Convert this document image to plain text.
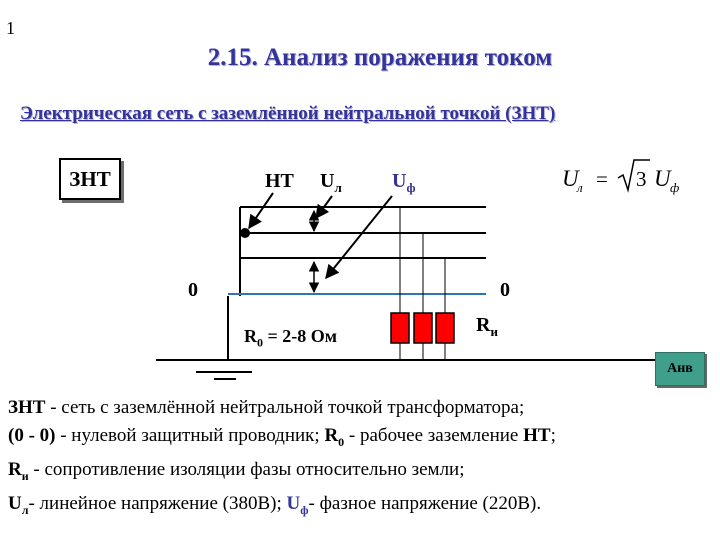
1
2.15. Анализ поражения током
Электрическая сеть с заземлённой нейтральной точкой (ЗНТ)
ЗНТ	НТ $U_л$	$U_ф$
0	0
$R_0 = 2-8$ Ом	$R_и$
U
л = 3 U ф
Анв
ЗНТ - сеть с заземлённой нейтральной точкой трансформатора;
(0 - 0) - нулевой защитный проводник; $R_0$ - рабочее заземление НТ;
$R_и$ - сопротивление изоляции фазы относительно земли;
$U_л-$ линейное напряжение (380В); $U_ф-$ фазное напряжение (220В).
